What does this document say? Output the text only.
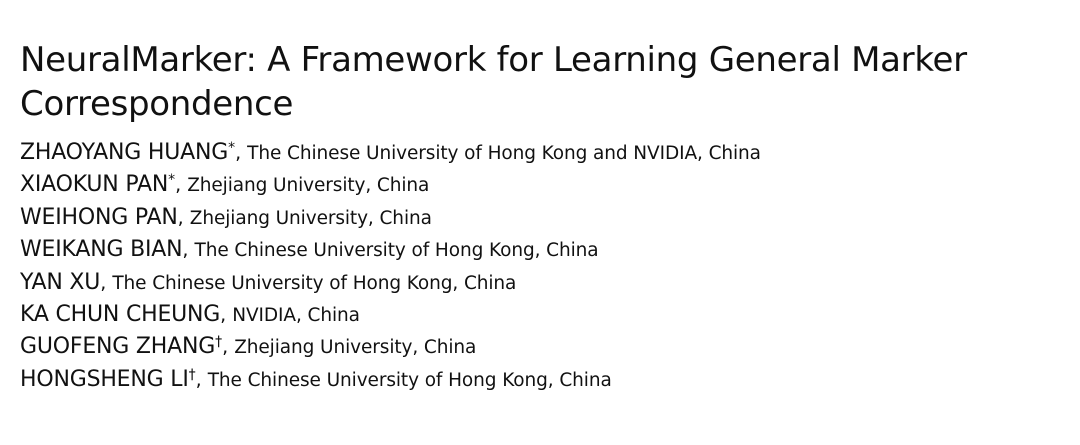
NeuralMarker: A Framework for Learning General Marker
Correspondence
ZHAOYANG HUANG*, The Chinese University of Hong Kong and NVIDIA, China
XIAOKUN PAN*, Zhejiang University, China
WEIHONG PAN, Zhejiang University, China
WEIKANG BIAN, The Chinese University of Hong Kong, China
YAN XU, The Chinese University of Hong Kong, China
KA CHUN CHEUNG, NVIDIA, China
GUOFENG ZHANG†, Zhejiang University, China
HONGSHENG LI†, The Chinese University of Hong Kong, China
